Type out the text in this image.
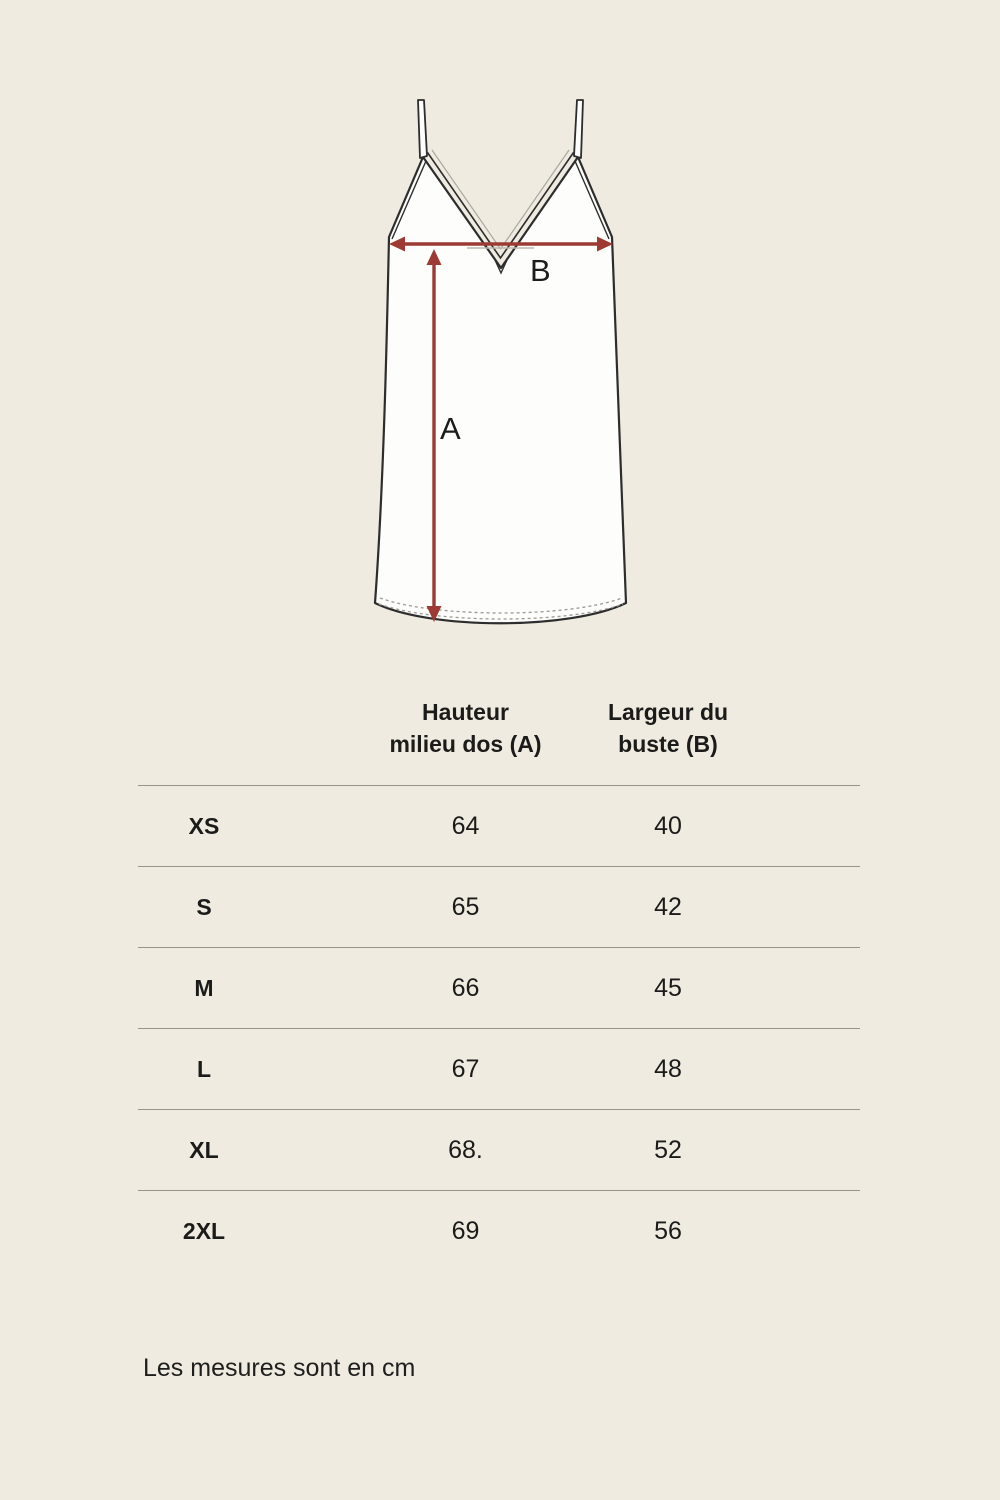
A
B
Hauteur
milieu dos (A)
Largeur du
buste (B)
XS	64	40
S	65	42
M	66	45
L	67	48
XL	68.	52
2XL	69	56
Les mesures sont en cm
